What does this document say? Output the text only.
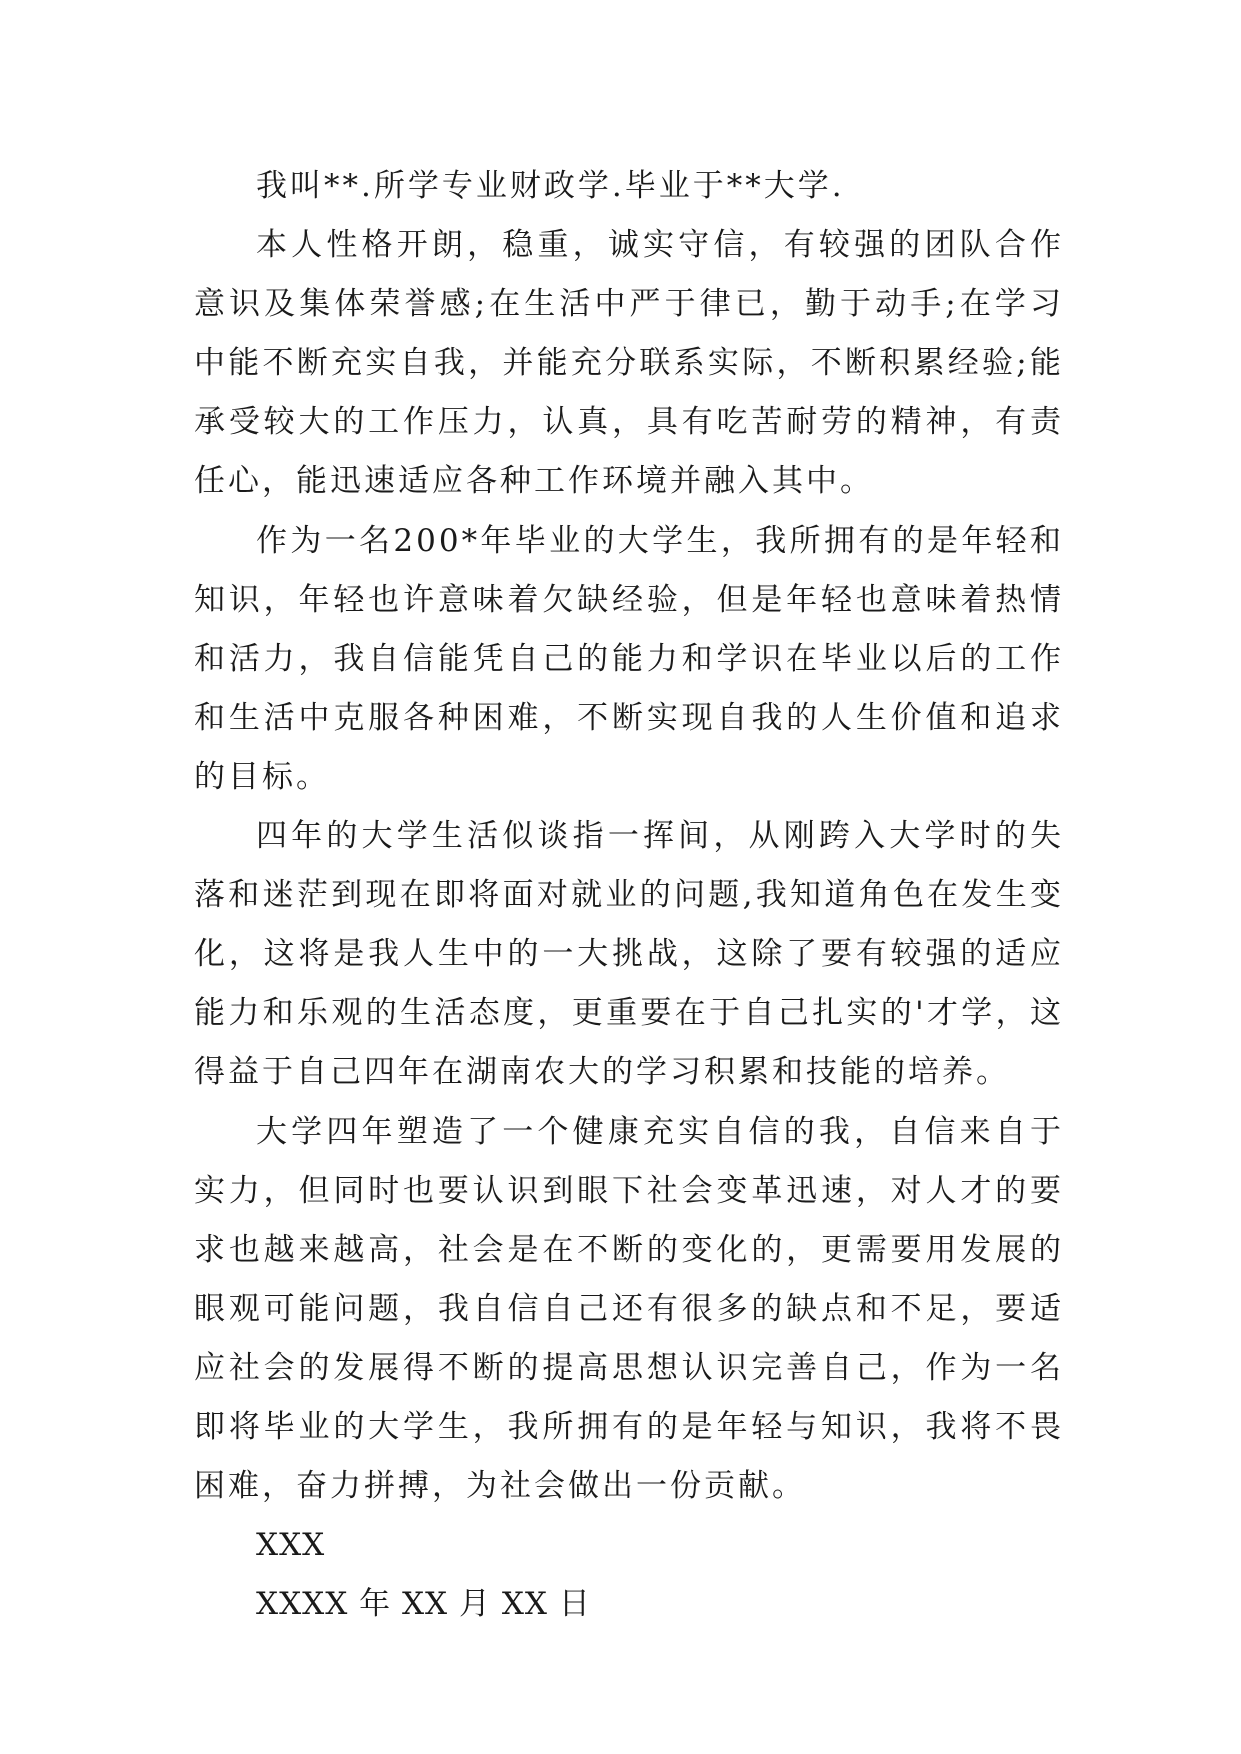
我叫**.所学专业财政学.毕业于**大学.

本人性格开朗，稳重，诚实守信，有较强的团队合作意识及集体荣誉感;在生活中严于律已，勤于动手;在学习中能不断充实自我，并能充分联系实际，不断积累经验;能承受较大的工作压力，认真，具有吃苦耐劳的精神，有责任心，能迅速适应各种工作环境并融入其中。

作为一名200*年毕业的大学生，我所拥有的是年轻和知识，年轻也许意味着欠缺经验，但是年轻也意味着热情和活力，我自信能凭自己的能力和学识在毕业以后的工作和生活中克服各种困难，不断实现自我的人生价值和追求的目标。

四年的大学生活似谈指一挥间，从刚跨入大学时的失落和迷茫到现在即将面对就业的问题,我知道角色在发生变化，这将是我人生中的一大挑战，这除了要有较强的适应能力和乐观的生活态度，更重要在于自己扎实的'才学，这得益于自己四年在湖南农大的学习积累和技能的培养。

大学四年塑造了一个健康充实自信的我，自信来自于实力，但同时也要认识到眼下社会变革迅速，对人才的要求也越来越高，社会是在不断的变化的，更需要用发展的眼观可能问题，我自信自己还有很多的缺点和不足，要适应社会的发展得不断的提高思想认识完善自己，作为一名即将毕业的大学生，我所拥有的是年轻与知识，我将不畏困难，奋力拼搏，为社会做出一份贡献。

XXX

XXXX 年 XX 月 XX 日
